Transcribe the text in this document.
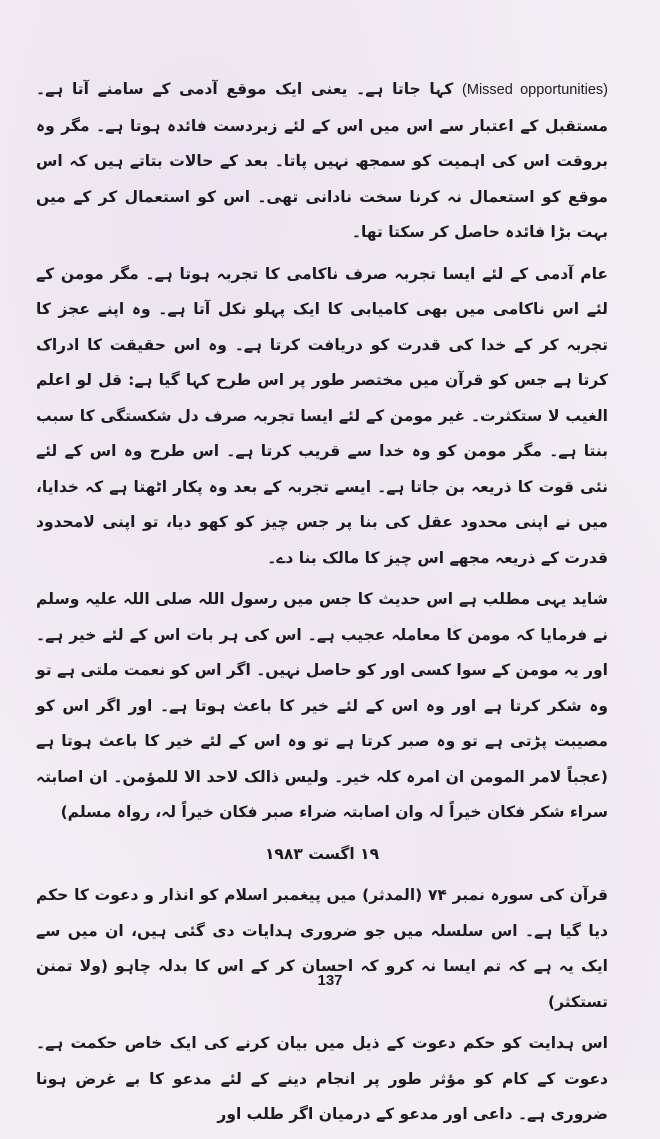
(Missed opportunities) کہا جاتا ہے۔ یعنی ایک موقع آدمی کے سامنے آتا ہے۔ مستقبل کے اعتبار سے اس میں اس کے لئے زبردست فائدہ ہوتا ہے۔ مگر وہ بروقت اس کی اہمیت کو سمجھ نہیں پاتا۔ بعد کے حالات بتاتے ہیں کہ اس موقع کو استعمال نہ کرنا سخت نادانی تھی۔ اس کو استعمال کر کے میں بہت بڑا فائدہ حاصل کر سکتا تھا۔

عام آدمی کے لئے ایسا تجربہ صرف ناکامی کا تجربہ ہوتا ہے۔ مگر مومن کے لئے اس ناکامی میں بھی کامیابی کا ایک پہلو نکل آتا ہے۔ وہ اپنے عجز کا تجربہ کر کے خدا کی قدرت کو دریافت کرتا ہے۔ وہ اس حقیقت کا ادراک کرتا ہے جس کو قرآن میں مختصر طور پر اس طرح کہا گیا ہے: قل لو اعلم الغیب لا ستکثرت۔ غیر مومن کے لئے ایسا تجربہ صرف دل شکستگی کا سبب بنتا ہے۔ مگر مومن کو وہ خدا سے قریب کرتا ہے۔ اس طرح وہ اس کے لئے نئی قوت کا ذریعہ بن جاتا ہے۔ ایسے تجربہ کے بعد وہ پکار اٹھتا ہے کہ خدایا، میں نے اپنی محدود عقل کی بنا پر جس چیز کو کھو دیا، تو اپنی لامحدود قدرت کے ذریعہ مجھے اس چیز کا مالک بنا دے۔

شاید یہی مطلب ہے اس حدیث کا جس میں رسول اللہ صلی اللہ علیہ وسلم نے فرمایا کہ مومن کا معاملہ عجیب ہے۔ اس کی ہر بات اس کے لئے خیر ہے۔ اور یہ مومن کے سوا کسی اور کو حاصل نہیں۔ اگر اس کو نعمت ملتی ہے تو وہ شکر کرتا ہے اور وہ اس کے لئے خیر کا باعث ہوتا ہے۔ اور اگر اس کو مصیبت پڑتی ہے تو وہ صبر کرتا ہے تو وہ اس کے لئے خیر کا باعث ہوتا ہے (عجباً لامر المومن ان امرہ کلہ خیر۔ ولیس ذالک لاحد الا للمؤمن۔ ان اصابتہ سراء شکر فکان خیراً لہ وان اصابتہ ضراء صبر فکان خیراً لہ، رواہ مسلم)

۱۹ اگست ۱۹۸۳

قرآن کی سورہ نمبر ۷۴ (المدثر) میں پیغمبر اسلام کو انذار و دعوت کا حکم دیا گیا ہے۔ اس سلسلہ میں جو ضروری ہدایات دی گئی ہیں، ان میں سے ایک یہ ہے کہ تم ایسا نہ کرو کہ احسان کر کے اس کا بدلہ چاہو (ولا تمنن تستکثر)

اس ہدایت کو حکم دعوت کے ذیل میں بیان کرنے کی ایک خاص حکمت ہے۔ دعوت کے کام کو مؤثر طور پر انجام دینے کے لئے مدعو کا بے غرض ہونا ضروری ہے۔ داعی اور مدعو کے درمیان اگر طلب اور

137
